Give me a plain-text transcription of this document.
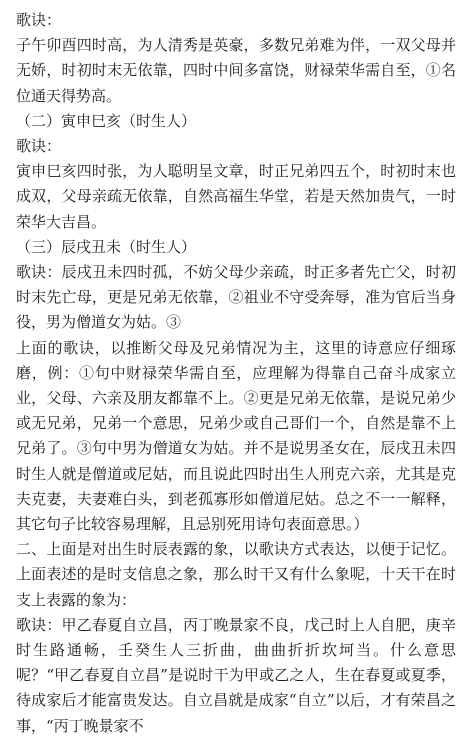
歌诀：

子午卯酉四时高，为人清秀是英豪，多数兄弟难为伴，一双父母并无娇，时初时末无依靠，四时中间多富饶，财禄荣华需自至，①名位通天得势高。

（二）寅申巳亥（时生人）

歌诀：

寅申巳亥四时张，为人聪明呈文章，时正兄弟四五个，时初时末也成双，父母亲疏无依靠，自然高福生华堂，若是天然加贵气，一时荣华大吉昌。

（三）辰戌丑未（时生人）

歌诀：辰戌丑未四时孤，不妨父母少亲疏，时正多者先亡父，时初时末先亡母，更是兄弟无依靠，②祖业不守受奔辱，准为官后当身役，男为僧道女为姑。③

上面的歌诀，以推断父母及兄弟情况为主，这里的诗意应仔细琢磨，例：①句中财禄荣华需自至，应理解为得靠自己奋斗成家立业，父母、六亲及朋友都靠不上。②更是兄弟无依靠，是说兄弟少或无兄弟，兄弟一个意思，兄弟少或自己哥们一个，自然是靠不上兄弟了。③句中男为僧道女为姑。并不是说男圣女在，辰戌丑未四时生人就是僧道或尼姑，而且说此四时出生人刑克六亲，尤其是克夫克妻，夫妻难白头，到老孤寡形如僧道尼姑。总之不一一解释，其它句子比较容易理解，且忌别死用诗句表面意思。）

二、上面是对出生时辰表露的象，以歌诀方式表达，以便于记忆。上面表述的是时支信息之象，那么时干又有什么象呢，十天干在时支上表露的象为：

歌诀：甲乙春夏自立昌，丙丁晚景家不良，戊己时上人自肥，庚辛时生路通畅，壬癸生人三折曲，曲曲折折坎坷当。什么意思呢？“甲乙春夏自立昌”是说时干为甲或乙之人，生在春夏或夏季，待成家后才能富贵发达。自立昌就是成家“自立”以后，才有荣昌之事，“丙丁晚景家不
